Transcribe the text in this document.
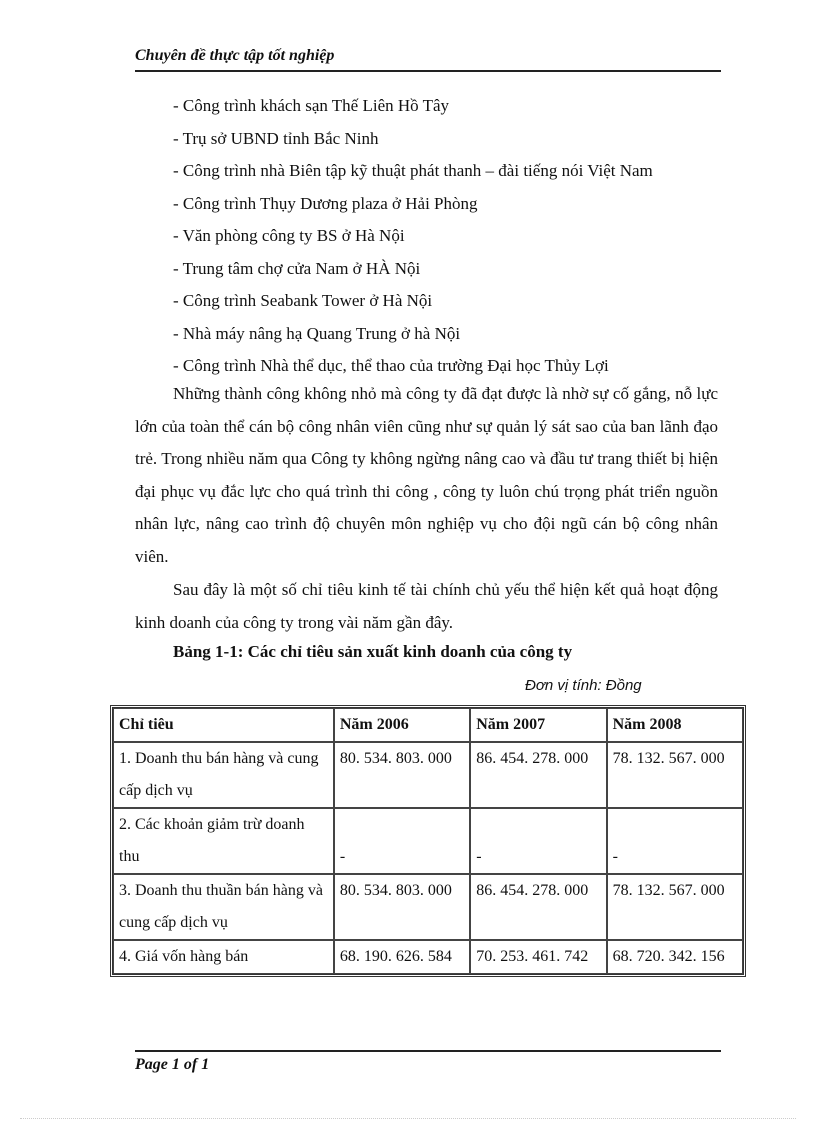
Chuyên đề thực tập tốt nghiệp
- Công trình khách sạn Thế Liên Hồ Tây
- Trụ sở UBND tỉnh Bắc Ninh
- Công trình nhà Biên tập kỹ thuật phát thanh – đài tiếng nói Việt Nam
- Công trình Thụy Dương plaza ở Hải Phòng
- Văn phòng công ty BS ở Hà Nội
- Trung tâm chợ cửa Nam ở HÀ Nội
- Công trình Seabank Tower ở Hà Nội
- Nhà máy nâng hạ Quang Trung ở hà Nội
- Công trình Nhà thể dục, thể thao của trường Đại học Thủy Lợi

Những thành công không nhỏ mà công ty đã đạt được là nhờ sự cố gắng, nỗ lực lớn của toàn thể cán bộ công nhân viên cũng như sự quản lý sát sao của ban lãnh đạo trẻ. Trong nhiều năm qua Công ty không ngừng nâng cao và đầu tư trang thiết bị hiện đại phục vụ đắc lực cho quá trình thi công , công ty luôn chú trọng phát triển nguồn nhân lực, nâng cao trình độ chuyên môn nghiệp vụ cho đội ngũ cán bộ công nhân viên.

Sau đây là một số chỉ tiêu kinh tế tài chính chủ yếu thể hiện kết quả hoạt động kinh doanh của công ty trong vài năm gần đây.

Bảng 1-1: Các chỉ tiêu sản xuất kinh doanh của công ty
Đơn vị tính: Đồng
Chỉ tiêu	Năm 2006	Năm 2007	Năm 2008
1. Doanh thu bán hàng và cung cấp dịch vụ	80. 534. 803. 000	86. 454. 278. 000	78. 132. 567. 000
2. Các khoản giảm trừ doanh thu	-	-	-
3. Doanh thu thuần bán hàng và cung cấp dịch vụ	80. 534. 803. 000	86. 454. 278. 000	78. 132. 567. 000
4. Giá vốn hàng bán	68. 190. 626. 584	70. 253. 461. 742	68. 720. 342. 156
Page 1 of 1
